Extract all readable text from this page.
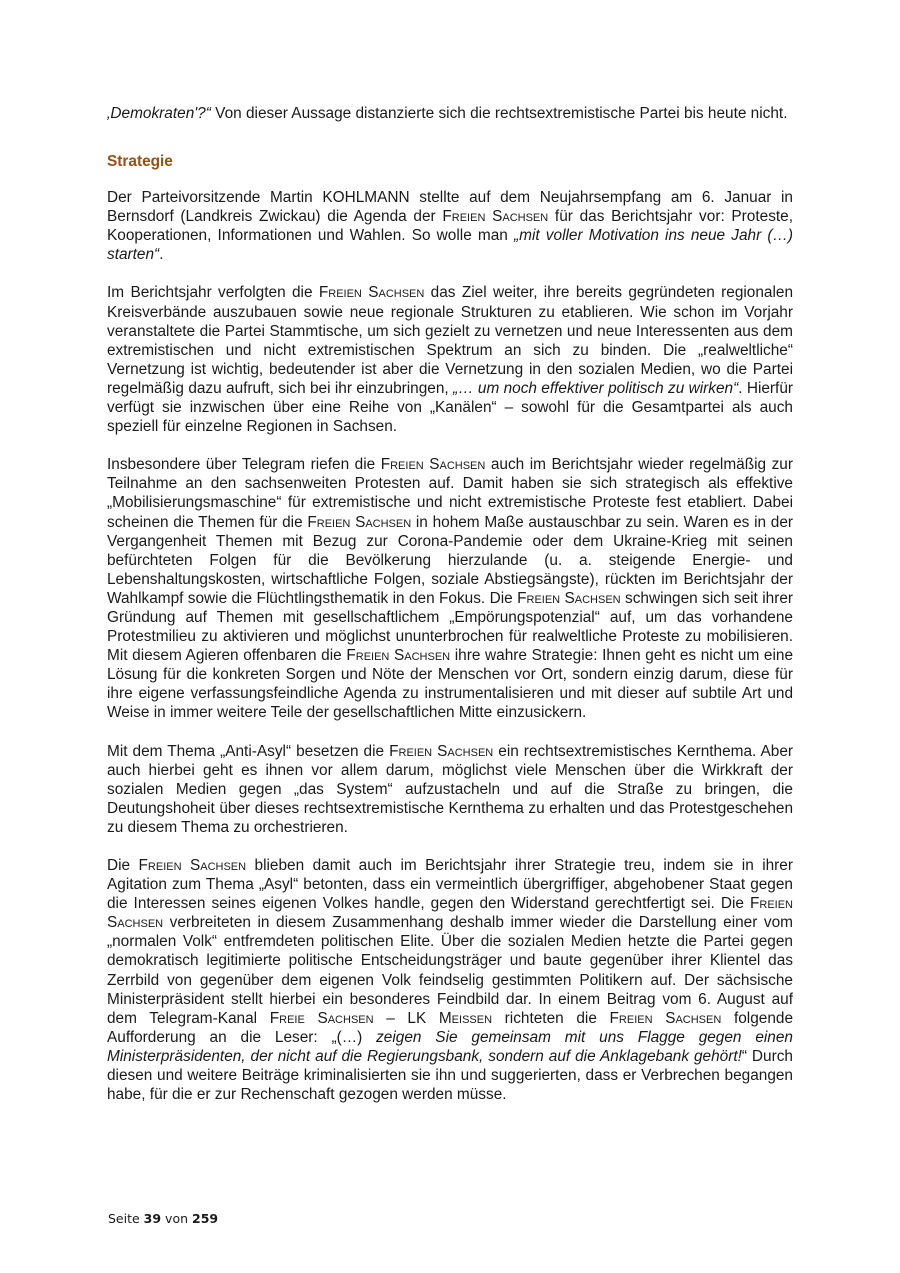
‚Demokraten'?“ Von dieser Aussage distanzierte sich die rechtsextremistische Partei bis heute nicht.

Strategie

Der Parteivorsitzende Martin KOHLMANN stellte auf dem Neujahrsempfang am 6. Januar in Bernsdorf (Landkreis Zwickau) die Agenda der Freien Sachsen für das Berichtsjahr vor: Proteste, Kooperationen, Informationen und Wahlen. So wolle man „mit voller Motivation ins neue Jahr (…) starten“.

Im Berichtsjahr verfolgten die Freien Sachsen das Ziel weiter, ihre bereits gegründeten regionalen Kreisverbände auszubauen sowie neue regionale Strukturen zu etablieren. Wie schon im Vorjahr veranstaltete die Partei Stammtische, um sich gezielt zu vernetzen und neue Interessenten aus dem extremistischen und nicht extremistischen Spektrum an sich zu binden. Die „realweltliche“ Vernetzung ist wichtig, bedeutender ist aber die Vernetzung in den sozialen Medien, wo die Partei regelmäßig dazu aufruft, sich bei ihr einzubringen, „… um noch effektiver politisch zu wirken“. Hierfür verfügt sie inzwischen über eine Reihe von „Kanälen“ – sowohl für die Gesamtpartei als auch speziell für einzelne Regionen in Sachsen.

Insbesondere über Telegram riefen die Freien Sachsen auch im Berichtsjahr wieder regelmäßig zur Teilnahme an den sachsenweiten Protesten auf. Damit haben sie sich strategisch als effektive „Mobilisierungsmaschine“ für extremistische und nicht extremistische Proteste fest etabliert. Dabei scheinen die Themen für die Freien Sachsen in hohem Maße austauschbar zu sein. Waren es in der Vergangenheit Themen mit Bezug zur Corona-Pandemie oder dem Ukraine-Krieg mit seinen befürchteten Folgen für die Bevölkerung hierzulande (u. a. steigende Energie- und Lebenshaltungskosten, wirtschaftliche Folgen, soziale Abstiegsängste), rückten im Berichtsjahr der Wahlkampf sowie die Flüchtlingsthematik in den Fokus. Die Freien Sachsen schwingen sich seit ihrer Gründung auf Themen mit gesellschaftlichem „Empörungspotenzial“ auf, um das vorhandene Protestmilieu zu aktivieren und möglichst ununterbrochen für realweltliche Proteste zu mobilisieren. Mit diesem Agieren offenbaren die Freien Sachsen ihre wahre Strategie: Ihnen geht es nicht um eine Lösung für die konkreten Sorgen und Nöte der Menschen vor Ort, sondern einzig darum, diese für ihre eigene verfassungsfeindliche Agenda zu instrumentalisieren und mit dieser auf subtile Art und Weise in immer weitere Teile der gesellschaftlichen Mitte einzusickern.

Mit dem Thema „Anti-Asyl“ besetzen die Freien Sachsen ein rechtsextremistisches Kernthema. Aber auch hierbei geht es ihnen vor allem darum, möglichst viele Menschen über die Wirkkraft der sozialen Medien gegen „das System“ aufzustacheln und auf die Straße zu bringen, die Deutungshoheit über dieses rechtsextremistische Kernthema zu erhalten und das Protestgeschehen zu diesem Thema zu orchestrieren.

Die Freien Sachsen blieben damit auch im Berichtsjahr ihrer Strategie treu, indem sie in ihrer Agitation zum Thema „Asyl“ betonten, dass ein vermeintlich übergriffiger, abgehobener Staat gegen die Interessen seines eigenen Volkes handle, gegen den Widerstand gerechtfertigt sei. Die Freien Sachsen verbreiteten in diesem Zusammenhang deshalb immer wieder die Darstellung einer vom „normalen Volk“ entfremdeten politischen Elite. Über die sozialen Medien hetzte die Partei gegen demokratisch legitimierte politische Entscheidungsträger und baute gegenüber ihrer Klientel das Zerrbild von gegenüber dem eigenen Volk feindselig gestimmten Politikern auf. Der sächsische Ministerpräsident stellt hierbei ein besonderes Feindbild dar. In einem Beitrag vom 6. August auf dem Telegram-Kanal Freie Sachsen – LK Meißen richteten die Freien Sachsen folgende Aufforderung an die Leser: „(…) zeigen Sie gemeinsam mit uns Flagge gegen einen Ministerpräsidenten, der nicht auf die Regierungsbank, sondern auf die Anklagebank gehört!“ Durch diesen und weitere Beiträge kriminalisierten sie ihn und suggerierten, dass er Verbrechen begangen habe, für die er zur Rechenschaft gezogen werden müsse.

Seite 39 von 259
